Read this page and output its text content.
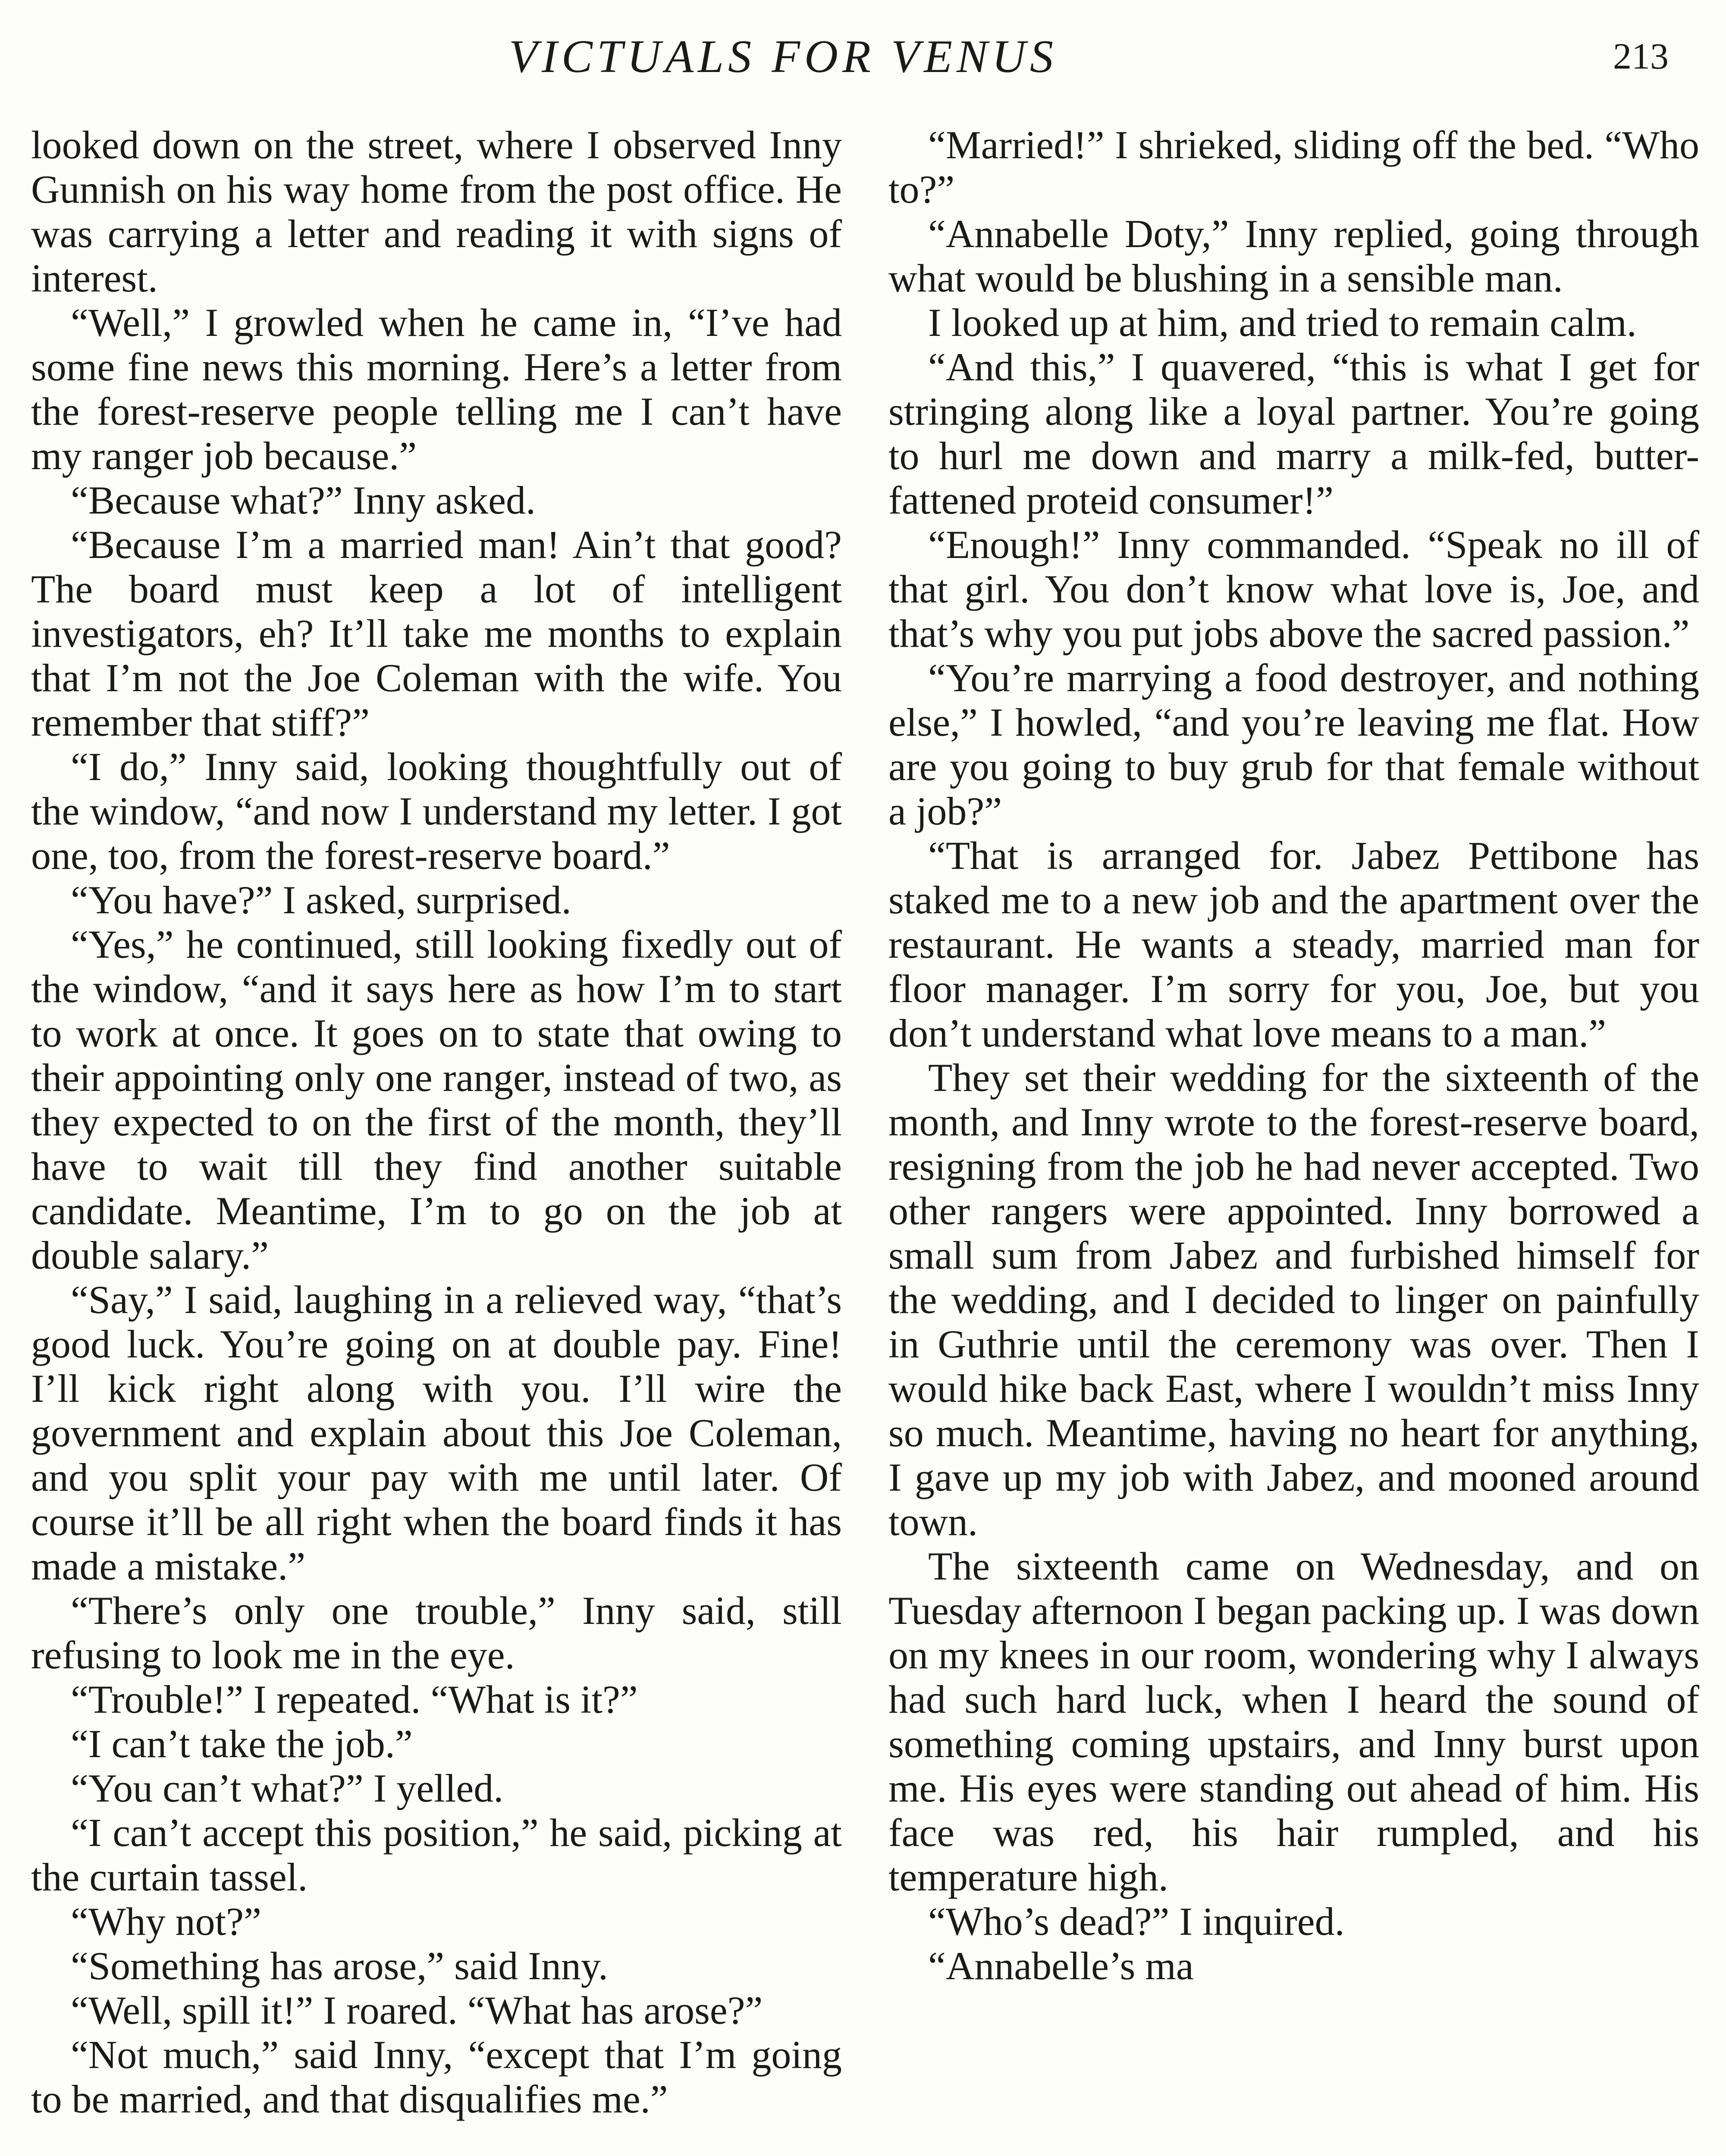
VICTUALS FOR VENUS	213

looked down on the street, where I observed Inny Gunnish on his way home from the post office. He was carrying a letter and reading it with signs of interest.

“Well,” I growled when he came in, “I’ve had some fine news this morning. Here’s a letter from the forest-reserve people telling me I can’t have my ranger job because.”

“Because what?” Inny asked.

“Because I’m a married man! Ain’t that good? The board must keep a lot of intelligent investigators, eh? It’ll take me months to explain that I’m not the Joe Coleman with the wife. You remember that stiff?”

“I do,” Inny said, looking thoughtfully out of the window, “and now I understand my letter. I got one, too, from the forest-reserve board.”

“You have?” I asked, surprised.

“Yes,” he continued, still looking fixedly out of the window, “and it says here as how I’m to start to work at once. It goes on to state that owing to their appointing only one ranger, instead of two, as they expected to on the first of the month, they’ll have to wait till they find another suitable candidate. Meantime, I’m to go on the job at double salary.”

“Say,” I said, laughing in a relieved way, “that’s good luck. You’re going on at double pay. Fine! I’ll kick right along with you. I’ll wire the government and explain about this Joe Coleman, and you split your pay with me until later. Of course it’ll be all right when the board finds it has made a mistake.”

“There’s only one trouble,” Inny said, still refusing to look me in the eye.

“Trouble!” I repeated. “What is it?”

“I can’t take the job.”

“You can’t what?” I yelled.

“I can’t accept this position,” he said, picking at the curtain tassel.

“Why not?”

“Something has arose,” said Inny.

“Well, spill it!” I roared. “What has arose?”

“Not much,” said Inny, “except that I’m going to be married, and that disqualifies me.”

“Married!” I shrieked, sliding off the bed. “Who to?”

“Annabelle Doty,” Inny replied, going through what would be blushing in a sensible man.

I looked up at him, and tried to remain calm.

“And this,” I quavered, “this is what I get for stringing along like a loyal partner. You’re going to hurl me down and marry a milk-fed, butter-fattened proteid consumer!”

“Enough!” Inny commanded. “Speak no ill of that girl. You don’t know what love is, Joe, and that’s why you put jobs above the sacred passion.”

“You’re marrying a food destroyer, and nothing else,” I howled, “and you’re leaving me flat. How are you going to buy grub for that female without a job?”

“That is arranged for. Jabez Pettibone has staked me to a new job and the apartment over the restaurant. He wants a steady, married man for floor manager. I’m sorry for you, Joe, but you don’t understand what love means to a man.”

They set their wedding for the sixteenth of the month, and Inny wrote to the forest-reserve board, resigning from the job he had never accepted. Two other rangers were appointed. Inny borrowed a small sum from Jabez and furbished himself for the wedding, and I decided to linger on painfully in Guthrie until the ceremony was over. Then I would hike back East, where I wouldn’t miss Inny so much. Meantime, having no heart for anything, I gave up my job with Jabez, and mooned around town.

The sixteenth came on Wednesday, and on Tuesday afternoon I began packing up. I was down on my knees in our room, wondering why I always had such hard luck, when I heard the sound of something coming upstairs, and Inny burst upon me. His eyes were standing out ahead of him. His face was red, his hair rumpled, and his temperature high.

“Who’s dead?” I inquired.

“Annabelle’s ma
